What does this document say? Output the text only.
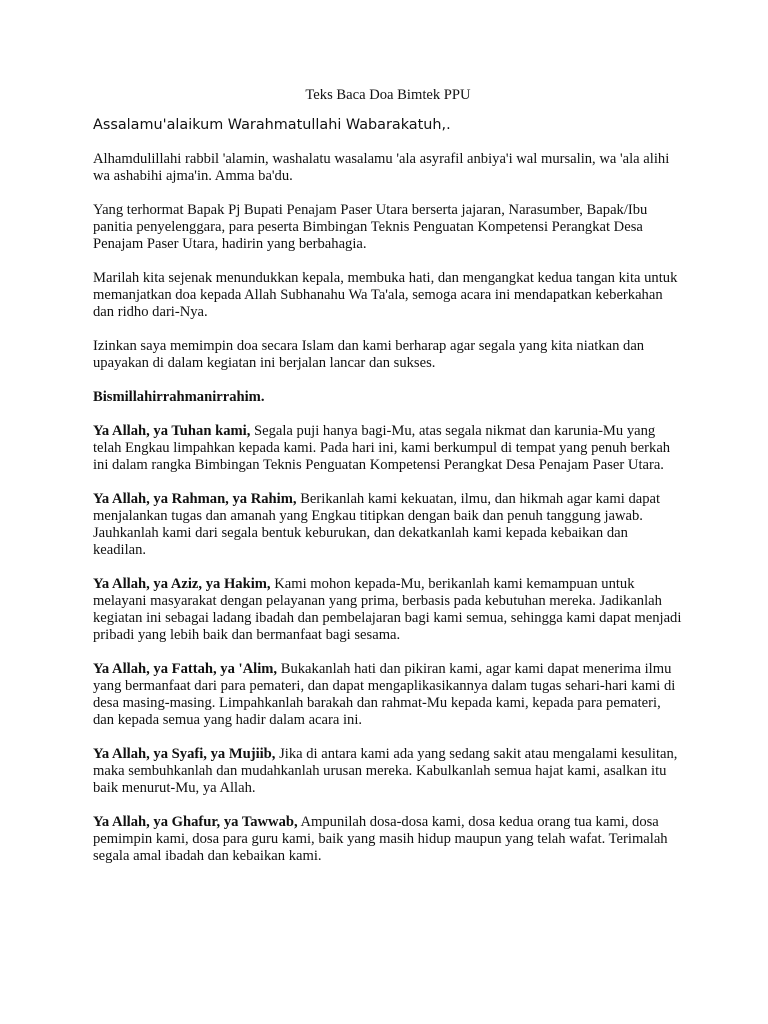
Teks Baca Doa Bimtek PPU
Assalamu'alaikum Warahmatullahi Wabarakatuh,.
Alhamdulillahi rabbil 'alamin, washalatu wasalamu 'ala asyrafil anbiya'i wal mursalin, wa 'ala alihi wa ashabihi ajma'in. Amma ba'du.
Yang terhormat Bapak Pj Bupati Penajam Paser Utara berserta jajaran, Narasumber, Bapak/Ibu panitia penyelenggara, para peserta Bimbingan Teknis Penguatan Kompetensi Perangkat Desa Penajam Paser Utara, hadirin yang berbahagia.
Marilah kita sejenak menundukkan kepala, membuka hati, dan mengangkat kedua tangan kita untuk memanjatkan doa kepada Allah Subhanahu Wa Ta'ala, semoga acara ini mendapatkan keberkahan dan ridho dari-Nya.
Izinkan saya memimpin doa secara Islam dan kami berharap agar segala yang kita niatkan dan upayakan di dalam kegiatan ini berjalan lancar dan sukses.
Bismillahirrahmanirrahim.
Ya Allah, ya Tuhan kami, Segala puji hanya bagi-Mu, atas segala nikmat dan karunia-Mu yang telah Engkau limpahkan kepada kami. Pada hari ini, kami berkumpul di tempat yang penuh berkah ini dalam rangka Bimbingan Teknis Penguatan Kompetensi Perangkat Desa Penajam Paser Utara.
Ya Allah, ya Rahman, ya Rahim, Berikanlah kami kekuatan, ilmu, dan hikmah agar kami dapat menjalankan tugas dan amanah yang Engkau titipkan dengan baik dan penuh tanggung jawab. Jauhkanlah kami dari segala bentuk keburukan, dan dekatkanlah kami kepada kebaikan dan keadilan.
Ya Allah, ya Aziz, ya Hakim, Kami mohon kepada-Mu, berikanlah kami kemampuan untuk melayani masyarakat dengan pelayanan yang prima, berbasis pada kebutuhan mereka. Jadikanlah kegiatan ini sebagai ladang ibadah dan pembelajaran bagi kami semua, sehingga kami dapat menjadi pribadi yang lebih baik dan bermanfaat bagi sesama.
Ya Allah, ya Fattah, ya 'Alim, Bukakanlah hati dan pikiran kami, agar kami dapat menerima ilmu yang bermanfaat dari para pemateri, dan dapat mengaplikasikannya dalam tugas sehari-hari kami di desa masing-masing. Limpahkanlah barakah dan rahmat-Mu kepada kami, kepada para pemateri, dan kepada semua yang hadir dalam acara ini.
Ya Allah, ya Syafi, ya Mujiib, Jika di antara kami ada yang sedang sakit atau mengalami kesulitan, maka sembuhkanlah dan mudahkanlah urusan mereka. Kabulkanlah semua hajat kami, asalkan itu baik menurut-Mu, ya Allah.
Ya Allah, ya Ghafur, ya Tawwab, Ampunilah dosa-dosa kami, dosa kedua orang tua kami, dosa pemimpin kami, dosa para guru kami, baik yang masih hidup maupun yang telah wafat. Terimalah segala amal ibadah dan kebaikan kami.
